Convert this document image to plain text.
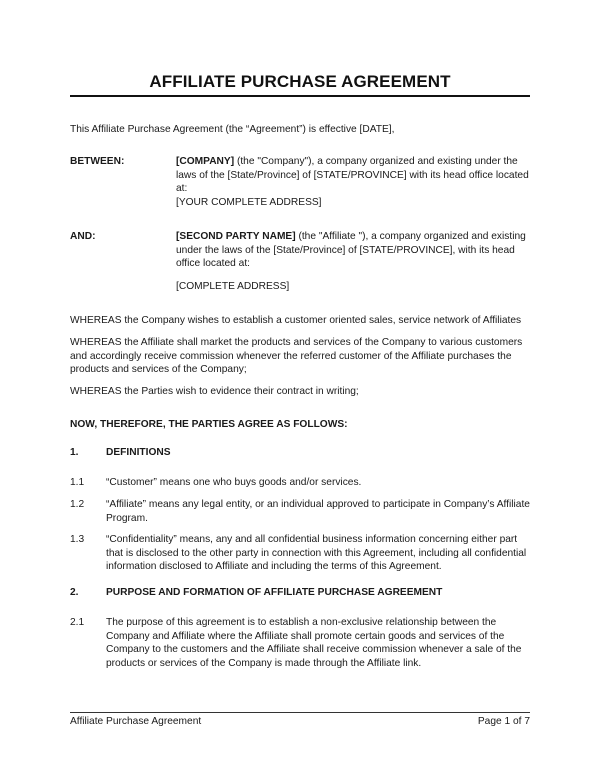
AFFILIATE PURCHASE AGREEMENT
This Affiliate Purchase Agreement (the “Agreement”) is effective [DATE],
BETWEEN:	[COMPANY] (the "Company"), a company organized and existing under the laws of the [State/Province] of [STATE/PROVINCE] with its head office located at:
[YOUR COMPLETE ADDRESS]
AND:	[SECOND PARTY NAME] (the "Affiliate "), a company organized and existing under the laws of the [State/Province] of [STATE/PROVINCE], with its head office located at:
[COMPLETE ADDRESS]
WHEREAS the Company wishes to establish a customer oriented sales, service network of Affiliates
WHEREAS the Affiliate shall market the products and services of the Company to various customers and accordingly receive commission whenever the referred customer of the Affiliate purchases the products and services of the Company;
WHEREAS the Parties wish to evidence their contract in writing;
NOW, THEREFORE, THE PARTIES AGREE AS FOLLOWS:
1.	DEFINITIONS
1.1 “Customer” means one who buys goods and/or services.
1.2 “Affiliate” means any legal entity, or an individual approved to participate in Company’s Affiliate Program.
1.3 “Confidentiality” means, any and all confidential business information concerning either part that is disclosed to the other party in connection with this Agreement, including all confidential information disclosed to Affiliate and including the terms of this Agreement.
2.	PURPOSE AND FORMATION OF AFFILIATE PURCHASE AGREEMENT
2.1 The purpose of this agreement is to establish a non-exclusive relationship between the Company and Affiliate where the Affiliate shall promote certain goods and services of the Company to the customers and the Affiliate shall receive commission whenever a sale of the products or services of the Company is made through the Affiliate link.
Affiliate Purchase Agreement	Page 1 of 7
